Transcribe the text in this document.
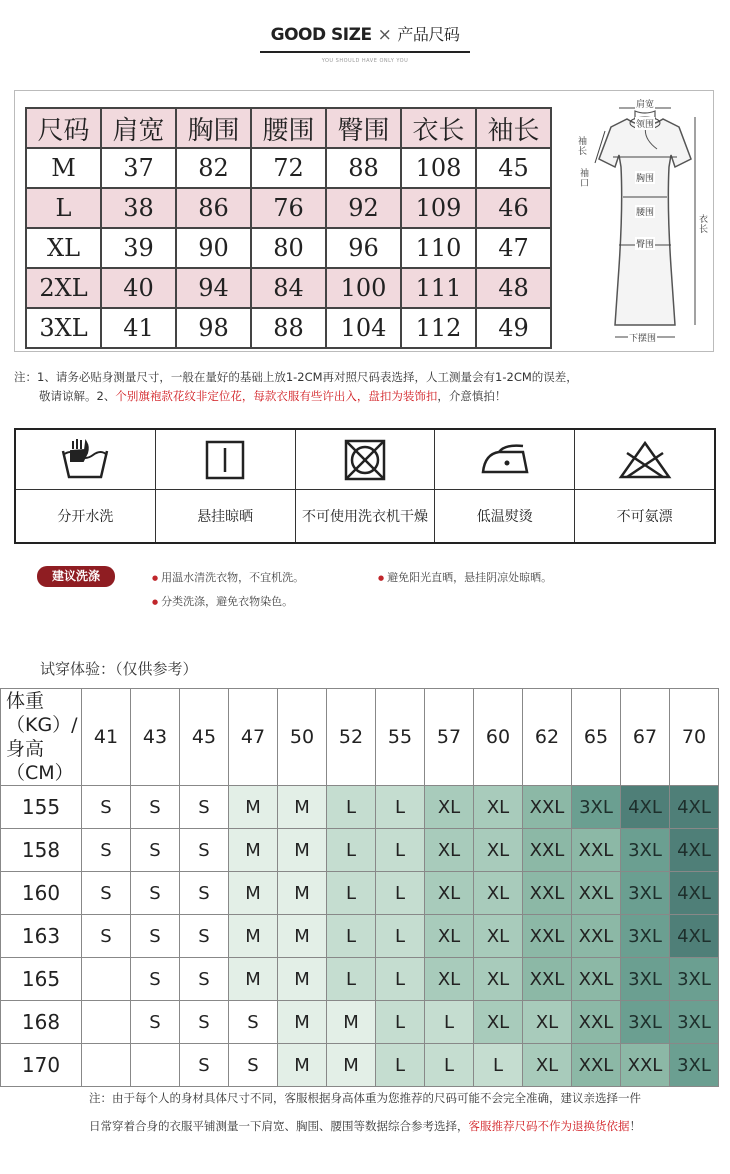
GOOD SIZE × 产品尺码
YOU SHOULD HAVE ONLY YOU
尺码	肩宽	胸围	腰围	臀围	衣长	袖长
M	37	82	72	88	108	45
L	38	86	76	92	109	46
XL	39	90	80	96	110	47
2XL	40	94	84	100	111	48
3XL	41	98	88	104	112	49
肩宽
领围
袖长
袖口	胸围
腰围
臀围
衣长
下摆围
注：1、请务必贴身测量尺寸，一般在量好的基础上放1-2CM再对照尺码表选择，人工测量会有1-2CM的误差，
敬请谅解。2、个别旗袍款花纹非定位花，每款衣服有些许出入，盘扣为装饰扣，介意慎拍！
分开水洗	悬挂晾晒	不可使用洗衣机干燥	低温熨烫	不可氨漂
建议洗涤	● 用温水清洗衣物，不宜机洗。	● 避免阳光直晒，悬挂阴凉处晾晒。
● 分类洗涤，避免衣物染色。
试穿体验：（仅供参考）
体重（KG）/
身高（CM）	41	43	45	47	50	52	55	57	60	62	65	67	70
155	S	S	S	M	M	L	L	XL	XL	XXL	3XL	4XL	4XL
158	S	S	S	M	M	L	L	XL	XL	XXL	XXL	3XL	4XL
160	S	S	S	M	M	L	L	XL	XL	XXL	XXL	3XL	4XL
163	S	S	S	M	M	L	L	XL	XL	XXL	XXL	3XL	4XL
165		S	S	M	M	L	L	XL	XL	XXL	XXL	3XL	3XL
168		S	S	S	M	M	L	L	XL	XL	XXL	3XL	3XL
170			S	S	M	M	L	L	L	XL	XXL	XXL	3XL
注：由于每个人的身材具体尺寸不同，客服根据身高体重为您推荐的尺码可能不会完全准确，建议亲选择一件
日常穿着合身的衣服平铺测量一下肩宽、胸围、腰围等数据综合参考选择，客服推荐尺码不作为退换货依据！
